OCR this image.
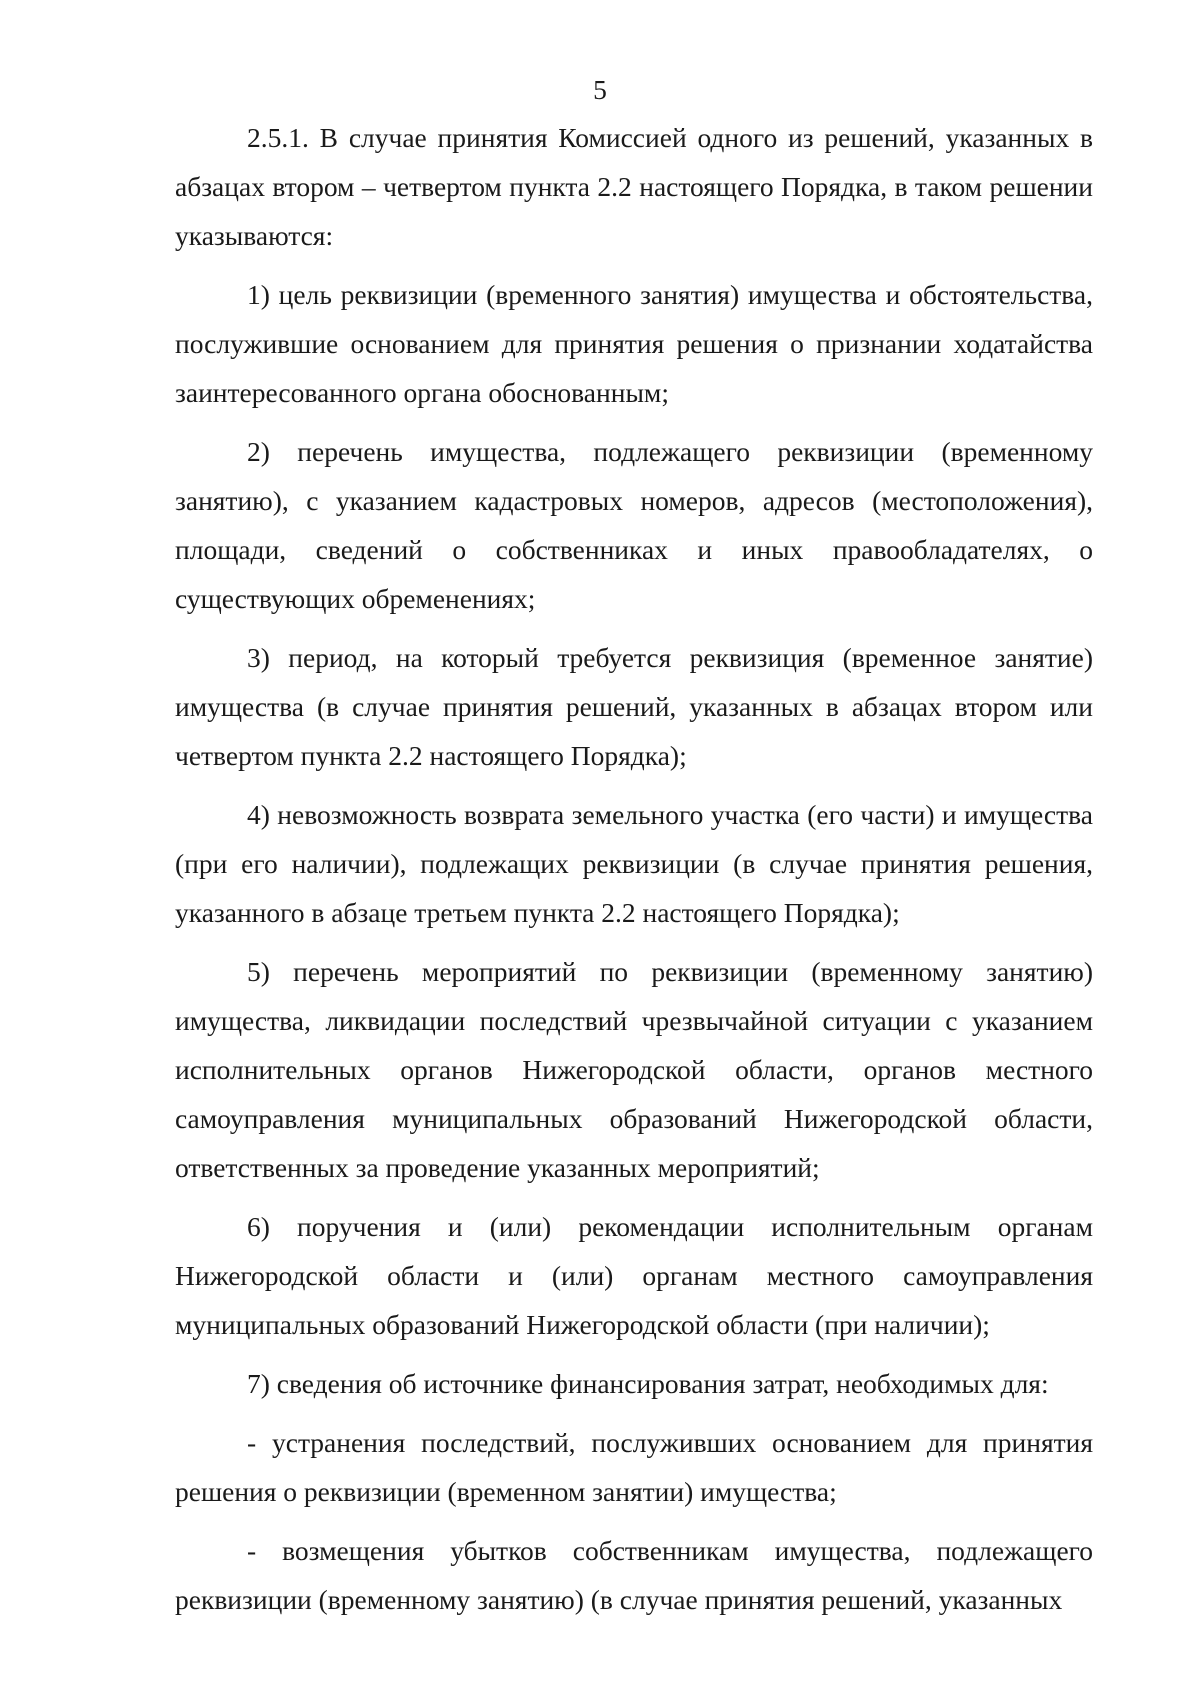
5

2.5.1. В случае принятия Комиссией одного из решений, указанных в абзацах втором – четвертом пункта 2.2 настоящего Порядка, в таком решении указываются:

1) цель реквизиции (временного занятия) имущества и обстоятельства, послужившие основанием для принятия решения о признании ходатайства заинтересованного органа обоснованным;

2) перечень имущества, подлежащего реквизиции (временному занятию), с указанием кадастровых номеров, адресов (местоположения), площади, сведений о собственниках и иных правообладателях, о существующих обременениях;

3) период, на который требуется реквизиция (временное занятие) имущества (в случае принятия решений, указанных в абзацах втором или четвертом пункта 2.2 настоящего Порядка);

4) невозможность возврата земельного участка (его части) и имущества (при его наличии), подлежащих реквизиции (в случае принятия решения, указанного в абзаце третьем пункта 2.2 настоящего Порядка);

5) перечень мероприятий по реквизиции (временному занятию) имущества, ликвидации последствий чрезвычайной ситуации с указанием исполнительных органов Нижегородской области, органов местного самоуправления муниципальных образований Нижегородской области, ответственных за проведение указанных мероприятий;

6) поручения и (или) рекомендации исполнительным органам Нижегородской области и (или) органам местного самоуправления муниципальных образований Нижегородской области (при наличии);

7) сведения об источнике финансирования затрат, необходимых для:

- устранения последствий, послуживших основанием для принятия решения о реквизиции (временном занятии) имущества;

- возмещения убытков собственникам имущества, подлежащего реквизиции (временному занятию) (в случае принятия решений, указанных
